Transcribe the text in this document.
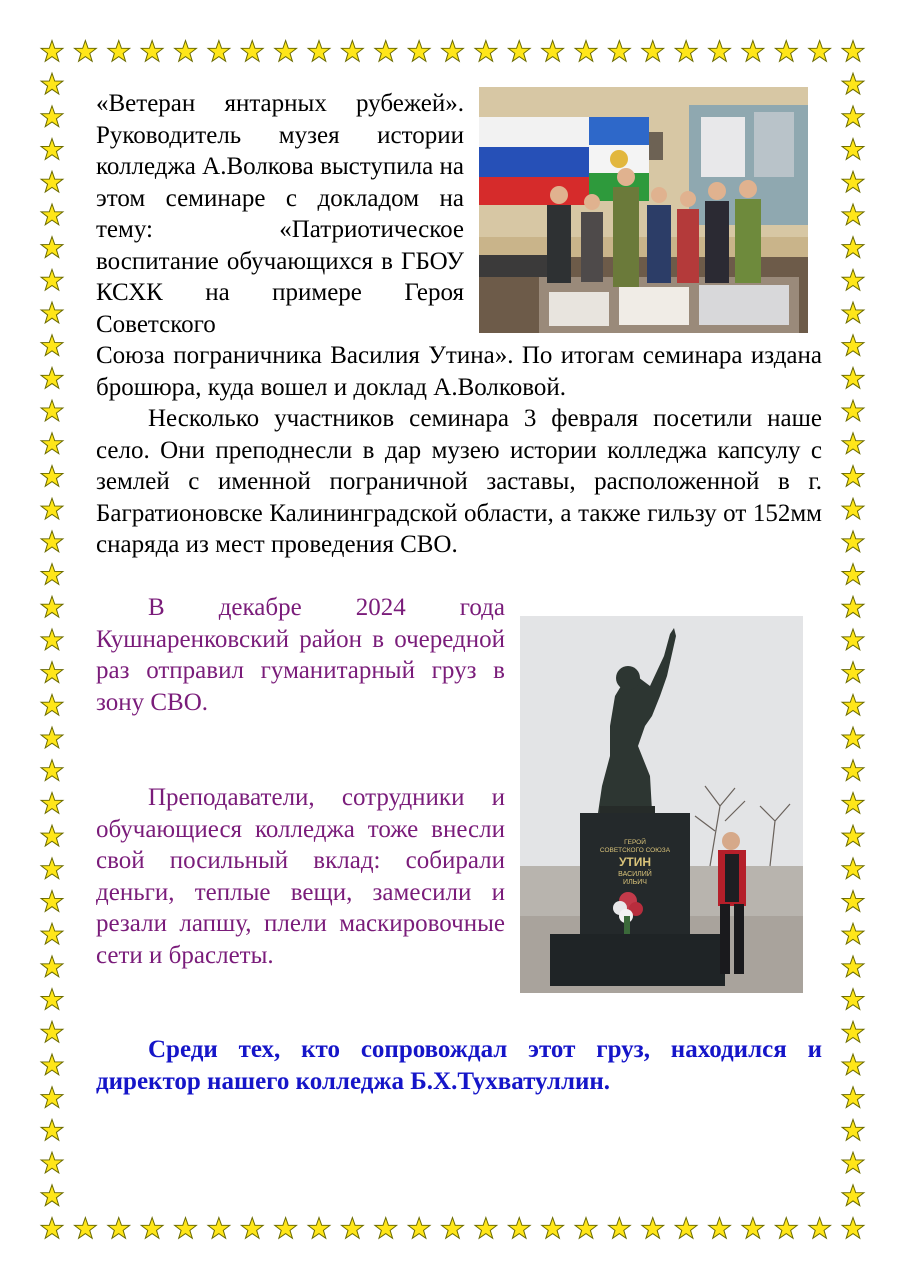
«Ветеран янтарных рубежей». Руководитель музея истории колледжа А.Волкова выступила на этом семинаре с докладом на тему: «Патриотическое воспитание обучающихся в ГБОУ КСХК на примере Героя Советского

Союза пограничника Василия Утина». По итогам семинара издана брошюра, куда вошел и доклад А.Волковой.

Несколько участников семинара 3 февраля посетили наше село. Они преподнесли в дар музею истории колледжа капсулу с землей с именной пограничной заставы, расположенной в г. Багратионовске Калининградской области, а также гильзу от 152мм снаряда из мест проведения СВО.

В декабре 2024 года Кушнаренковский район в очередной раз отправил гуманитарный груз в зону СВО.

Преподаватели, сотрудники и обучающиеся колледжа тоже внесли свой посильный вклад: собирали деньги, теплые вещи, замесили и резали лапшу, плели маскировочные сети и браслеты.

ГЕРОЙ
СОВЕТСКОГО СОЮЗА
УТИН
ВАСИЛИЙ
ИЛЬИЧ

Среди тех, кто сопровождал этот груз, находился и директор нашего колледжа Б.Х.Тухватуллин.
